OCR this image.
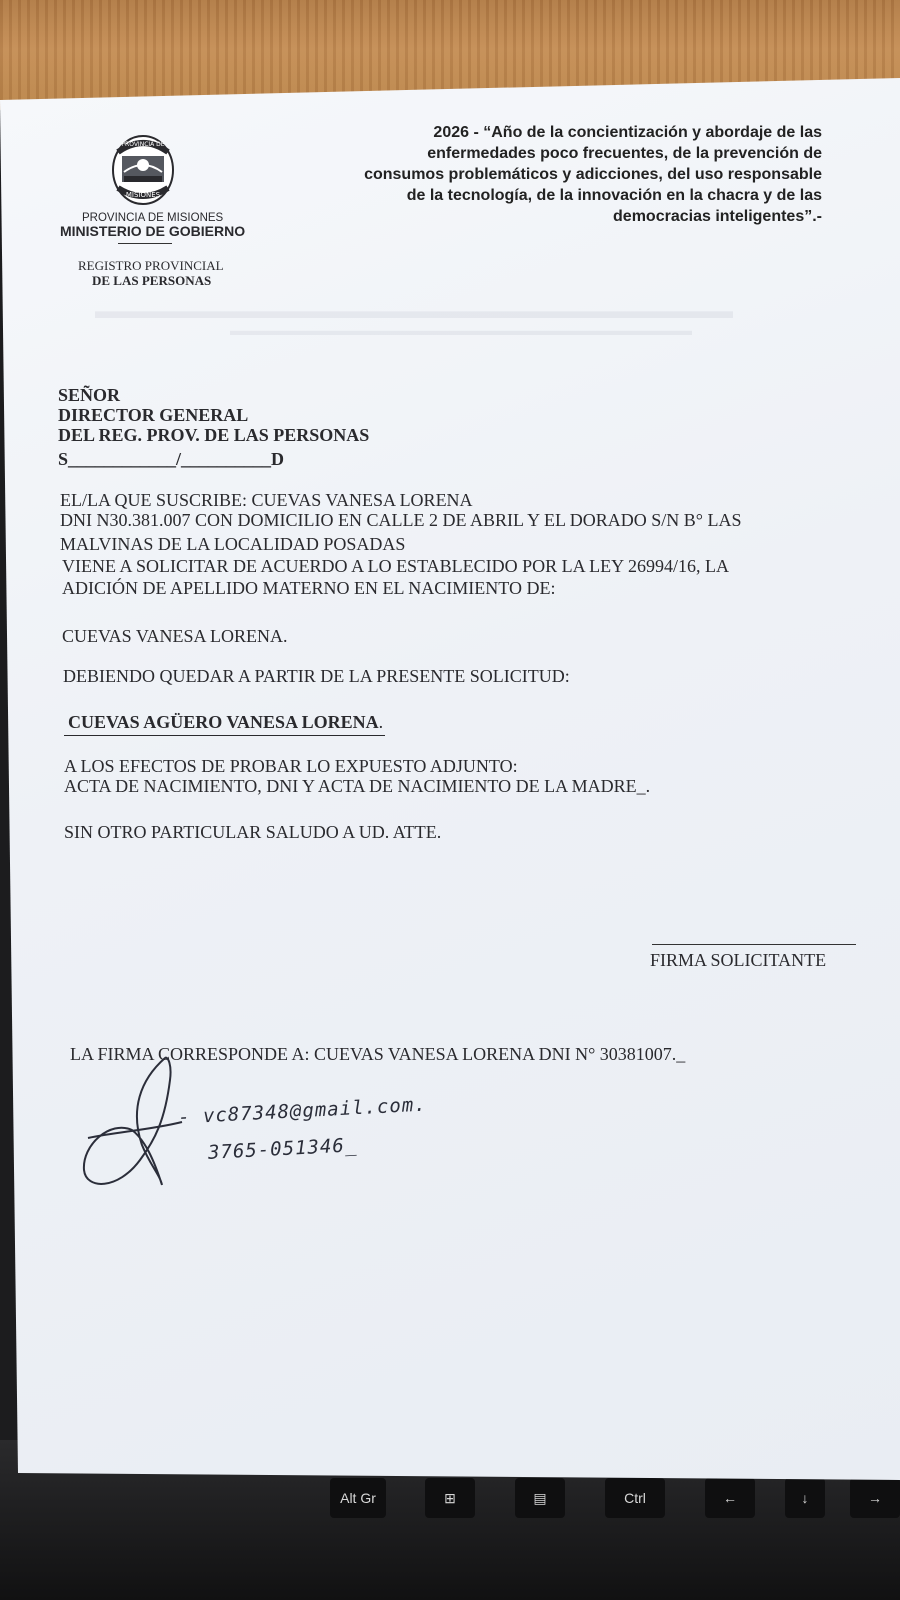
Alt Gr	⊞	▤	Ctrl	←	↓	→
▬▬▬▬▬▬▬▬▬▬▬▬▬▬▬▬▬▬▬▬▬▬▬▬▬▬▬▬▬
▬▬▬▬▬▬▬▬▬▬▬▬▬▬▬▬▬▬▬▬▬▬▬▬▬▬▬▬▬▬▬▬▬
PROVINCIA DE
MISIONES
PROVINCIA DE MISIONES
MINISTERIO DE GOBIERNO
REGISTRO PROVINCIAL
DE LAS PERSONAS
2026 - “Año de la concientización y abordaje de las
enfermedades poco frecuentes, de la prevención de
consumos problemáticos y adicciones, del uso responsable
de la tecnología, de la innovación en la chacra y de las
democracias inteligentes”.-
SEÑOR
DIRECTOR GENERAL
DEL REG. PROV. DE LAS PERSONAS
S____________/__________D
EL/LA QUE SUSCRIBE: CUEVAS VANESA LORENA
DNI N30.381.007 CON DOMICILIO EN CALLE 2 DE ABRIL Y EL DORADO S/N B° LAS
MALVINAS DE LA LOCALIDAD POSADAS
VIENE A SOLICITAR DE ACUERDO A LO ESTABLECIDO POR LA LEY 26994/16, LA
ADICIÓN DE APELLIDO MATERNO EN EL NACIMIENTO DE:
CUEVAS VANESA LORENA.
DEBIENDO QUEDAR A PARTIR DE LA PRESENTE SOLICITUD:
CUEVAS AGÜERO VANESA LORENA.
A LOS EFECTOS DE PROBAR LO EXPUESTO ADJUNTO:
ACTA DE NACIMIENTO, DNI Y ACTA DE NACIMIENTO DE LA MADRE_.
SIN OTRO PARTICULAR SALUDO A UD. ATTE.
FIRMA SOLICITANTE
LA FIRMA CORRESPONDE A: CUEVAS VANESA LORENA DNI N° 30381007._
- vc87348@gmail.com.
3765-051346_
